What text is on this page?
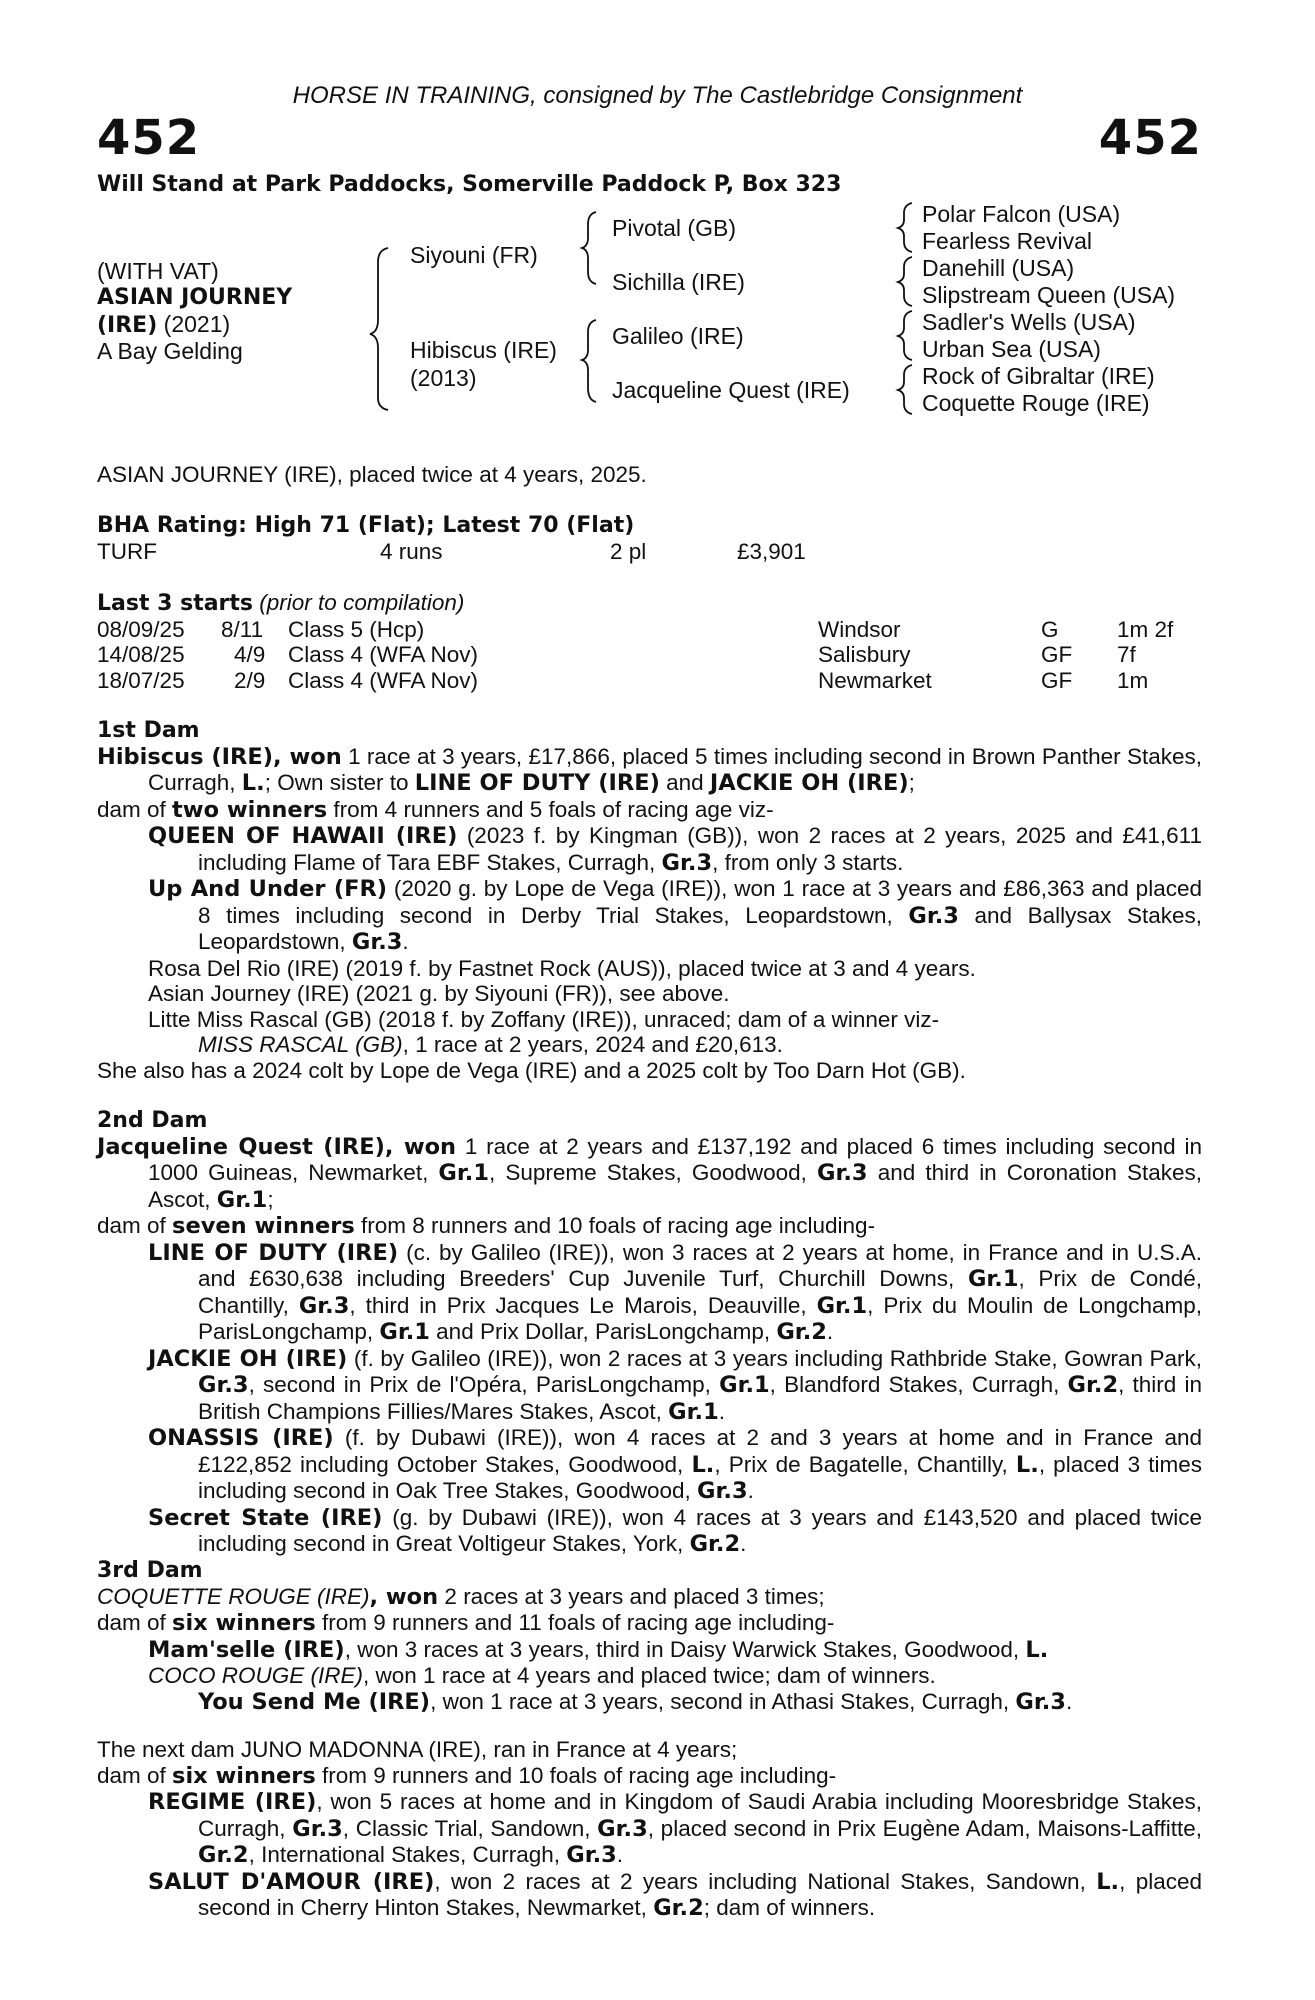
HORSE IN TRAINING, consigned by The Castlebridge Consignment
452	452
Will Stand at Park Paddocks, Somerville Paddock P, Box 323
(WITH VAT)
ASIAN JOURNEY
(IRE) (2021)
A Bay Gelding
Siyouni (FR)
Hibiscus (IRE)
(2013)
Pivotal (GB)
Sichilla (IRE)
Galileo (IRE)
Jacqueline Quest (IRE)
Polar Falcon (USA)
Fearless Revival
Danehill (USA)
Slipstream Queen (USA)
Sadler's Wells (USA)
Urban Sea (USA)
Rock of Gibraltar (IRE)
Coquette Rouge (IRE)
ASIAN JOURNEY (IRE), placed twice at 4 years, 2025.
BHA Rating: High 71 (Flat); Latest 70 (Flat)
TURF	4 runs	2 pl	£3,901
Last 3 starts (prior to compilation)
08/09/25 8/11 Class 5 (Hcp)	Windsor	G	1m 2f
14/08/25 4/9 Class 4 (WFA Nov)	Salisbury	GF 7f
18/07/25 2/9 Class 4 (WFA Nov)	Newmarket	GF 1m
1st Dam

Hibiscus (IRE), won 1 race at 3 years, £17,866, placed 5 times including second in Brown Panther Stakes, Curragh, L.; Own sister to LINE OF DUTY (IRE) and JACKIE OH (IRE);

dam of two winners from 4 runners and 5 foals of racing age viz-

QUEEN OF HAWAII (IRE) (2023 f. by Kingman (GB)), won 2 races at 2 years, 2025 and £41,611 including Flame of Tara EBF Stakes, Curragh, Gr.3, from only 3 starts.

Up And Under (FR) (2020 g. by Lope de Vega (IRE)), won 1 race at 3 years and £86,363 and placed 8 times including second in Derby Trial Stakes, Leopardstown, Gr.3 and Ballysax Stakes, Leopardstown, Gr.3.

Rosa Del Rio (IRE) (2019 f. by Fastnet Rock (AUS)), placed twice at 3 and 4 years.

Asian Journey (IRE) (2021 g. by Siyouni (FR)), see above.

Litte Miss Rascal (GB) (2018 f. by Zoffany (IRE)), unraced; dam of a winner viz-

MISS RASCAL (GB), 1 race at 2 years, 2024 and £20,613.

She also has a 2024 colt by Lope de Vega (IRE) and a 2025 colt by Too Darn Hot (GB).

2nd Dam

Jacqueline Quest (IRE), won 1 race at 2 years and £137,192 and placed 6 times including second in 1000 Guineas, Newmarket, Gr.1, Supreme Stakes, Goodwood, Gr.3 and third in Coronation Stakes, Ascot, Gr.1;

dam of seven winners from 8 runners and 10 foals of racing age including-

LINE OF DUTY (IRE) (c. by Galileo (IRE)), won 3 races at 2 years at home, in France and in U.S.A. and £630,638 including Breeders' Cup Juvenile Turf, Churchill Downs, Gr.1, Prix de Condé, Chantilly, Gr.3, third in Prix Jacques Le Marois, Deauville, Gr.1, Prix du Moulin de Longchamp, ParisLongchamp, Gr.1 and Prix Dollar, ParisLongchamp, Gr.2.

JACKIE OH (IRE) (f. by Galileo (IRE)), won 2 races at 3 years including Rathbride Stake, Gowran Park, Gr.3, second in Prix de l'Opéra, ParisLongchamp, Gr.1, Blandford Stakes, Curragh, Gr.2, third in British Champions Fillies/Mares Stakes, Ascot, Gr.1.

ONASSIS (IRE) (f. by Dubawi (IRE)), won 4 races at 2 and 3 years at home and in France and £122,852 including October Stakes, Goodwood, L., Prix de Bagatelle, Chantilly, L., placed 3 times including second in Oak Tree Stakes, Goodwood, Gr.3.

Secret State (IRE) (g. by Dubawi (IRE)), won 4 races at 3 years and £143,520 and placed twice including second in Great Voltigeur Stakes, York, Gr.2.

3rd Dam

COQUETTE ROUGE (IRE), won 2 races at 3 years and placed 3 times;

dam of six winners from 9 runners and 11 foals of racing age including-

Mam'selle (IRE), won 3 races at 3 years, third in Daisy Warwick Stakes, Goodwood, L.

COCO ROUGE (IRE), won 1 race at 4 years and placed twice; dam of winners.

You Send Me (IRE), won 1 race at 3 years, second in Athasi Stakes, Curragh, Gr.3.

The next dam JUNO MADONNA (IRE), ran in France at 4 years;

dam of six winners from 9 runners and 10 foals of racing age including-

REGIME (IRE), won 5 races at home and in Kingdom of Saudi Arabia including Mooresbridge Stakes, Curragh, Gr.3, Classic Trial, Sandown, Gr.3, placed second in Prix Eugène Adam, Maisons-Laffitte, Gr.2, International Stakes, Curragh, Gr.3.

SALUT D'AMOUR (IRE), won 2 races at 2 years including National Stakes, Sandown, L., placed second in Cherry Hinton Stakes, Newmarket, Gr.2; dam of winners.
